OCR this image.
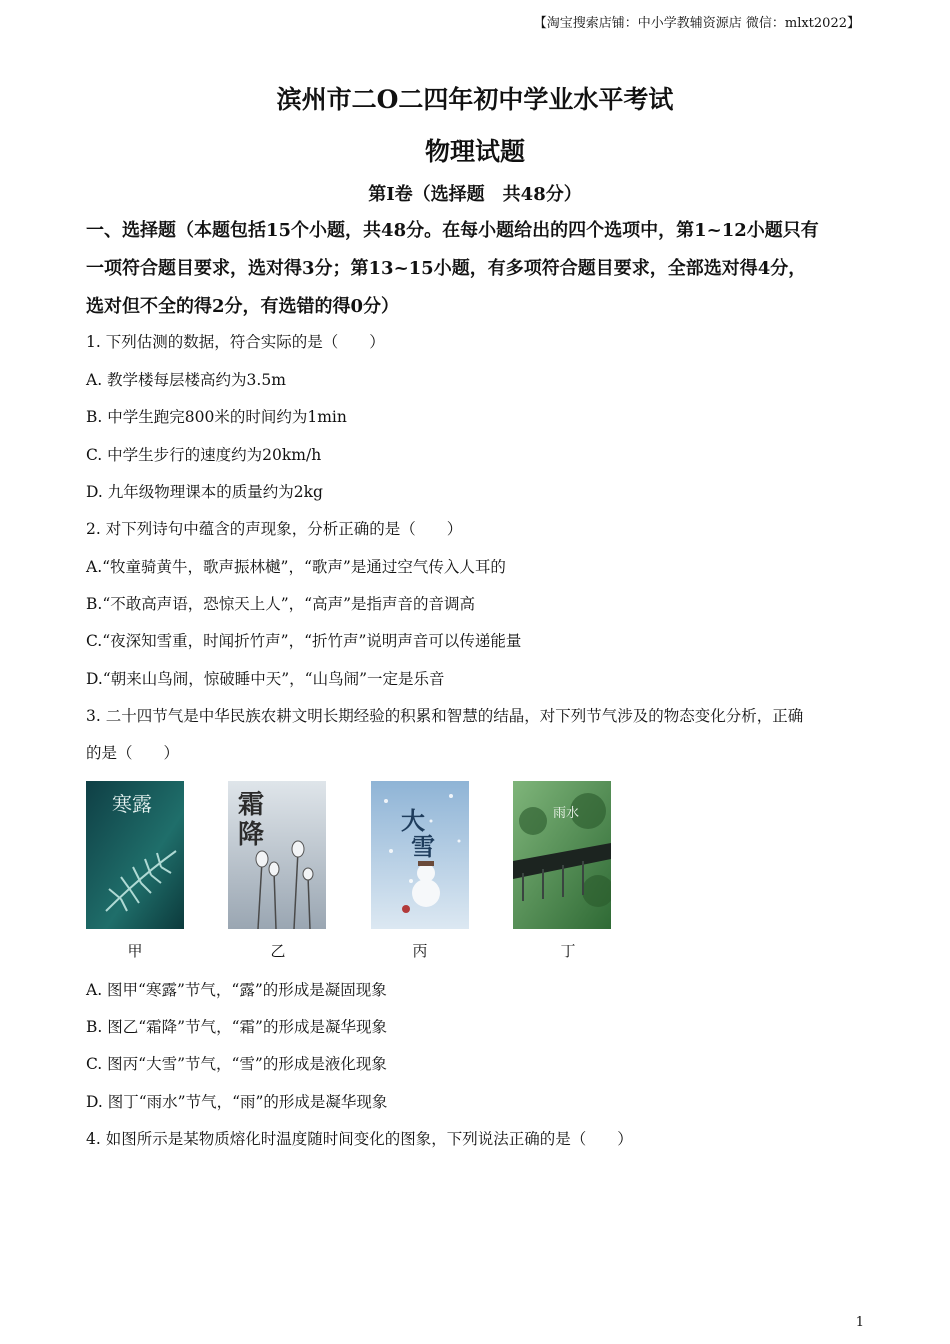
【淘宝搜索店铺：中小学教辅资源店 微信：mlxt2022】
滨州市二O二四年初中学业水平考试
物理试题
第Ⅰ卷（选择题　共48分）
一、选择题（本题包括15个小题，共48分。在每小题给出的四个选项中，第1~12小题只有
一项符合题目要求，选对得3分；第13~15小题，有多项符合题目要求，全部选对得4分，
选对但不全的得2分，有选错的得0分）
1. 下列估测的数据，符合实际的是（　　）
A. 教学楼每层楼高约为3.5m
B. 中学生跑完800米的时间约为1min
C. 中学生步行的速度约为20km/h
D. 九年级物理课本的质量约为2kg
2. 对下列诗句中蕴含的声现象，分析正确的是（　　）
A.“牧童骑黄牛，歌声振林樾”，“歌声”是通过空气传入人耳的
B.“不敢高声语，恐惊天上人”，“高声”是指声音的音调高
C.“夜深知雪重，时闻折竹声”，“折竹声”说明声音可以传递能量
D.“朝来山鸟闹，惊破睡中天”，“山鸟闹”一定是乐音
3. 二十四节气是中华民族农耕文明长期经验的积累和智慧的结晶，对下列节气涉及的物态变化分析，正确
的是（　　）
寒露
甲
霜
降
乙
大
雪
丙
雨水
丁
A. 图甲“寒露”节气，“露”的形成是凝固现象
B. 图乙“霜降”节气，“霜”的形成是凝华现象
C. 图丙“大雪”节气，“雪”的形成是液化现象
D. 图丁“雨水”节气，“雨”的形成是凝华现象
4. 如图所示是某物质熔化时温度随时间变化的图象，下列说法正确的是（　　）
1
